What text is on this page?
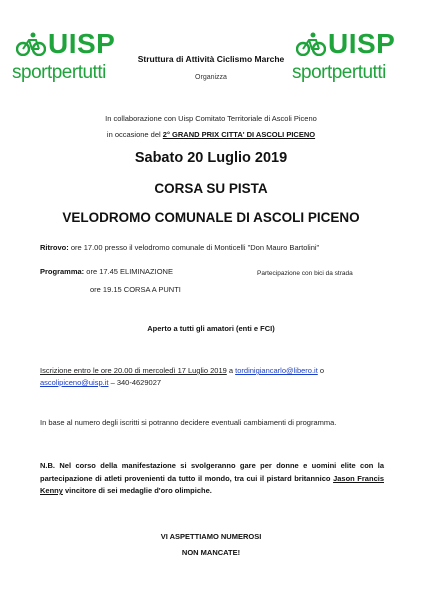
UISP
sportpertutti
UISP
sportpertutti
Struttura di Attività Ciclismo Marche
Organizza
In collaborazione con Uisp Comitato Territoriale di Ascoli Piceno
in occasione del 2° GRAND PRIX CITTA' DI ASCOLI PICENO
Sabato 20 Luglio 2019
CORSA SU PISTA
VELODROMO COMUNALE DI ASCOLI PICENO
Ritrovo: ore 17.00 presso il velodromo comunale di Monticelli "Don Mauro Bartolini"
Programma: ore 17.45 ELIMINAZIONE	Partecipazione con bici da strada
ore 19.15 CORSA A PUNTI
Aperto a tutti gli amatori (enti e FCI)
Iscrizione entro le ore 20.00 di mercoledì 17 Luglio 2019 a tordinigiancarlo@libero.it o
ascolipiceno@uisp.it – 340-4629027
In base al numero degli iscritti si potranno decidere eventuali cambiamenti di programma.
N.B. Nel corso della manifestazione si svolgeranno gare per donne e uomini elite con la partecipazione di atleti provenienti da tutto il mondo, tra cui il pistard britannico Jason Francis Kenny vincitore di sei medaglie d'oro olimpiche.
VI ASPETTIAMO NUMEROSI
NON MANCATE!
